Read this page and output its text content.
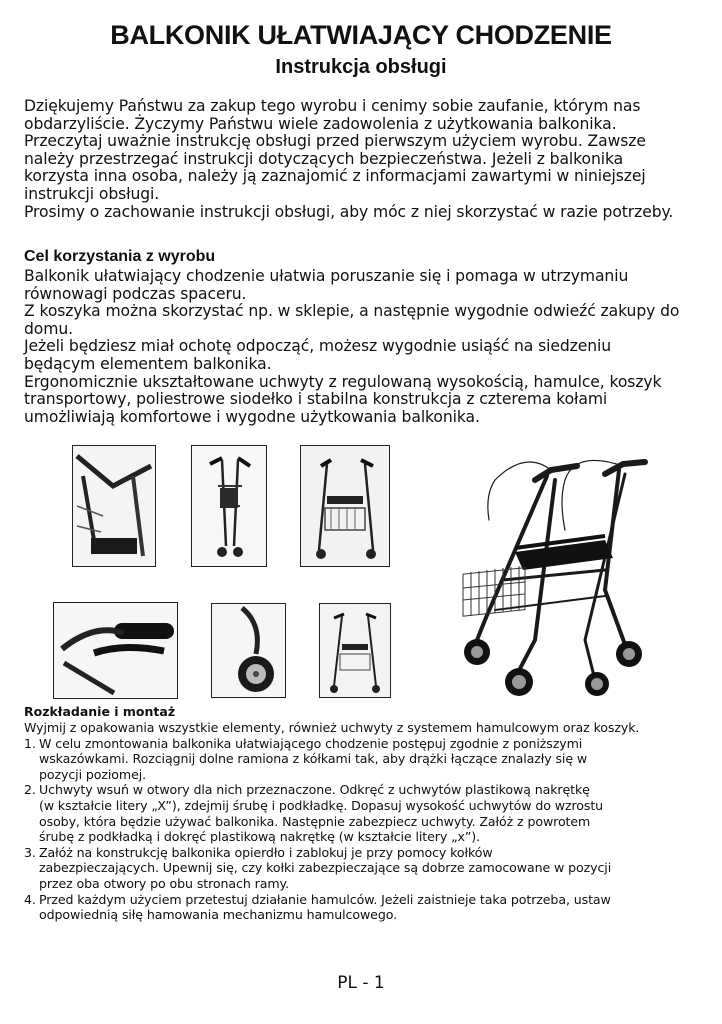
BALKONIK UŁATWIAJĄCY CHODZENIE
Instrukcja obsługi

Dziękujemy Państwu za zakup tego wyrobu i cenimy sobie zaufanie, którym nas

obdarzyliście. Życzymy Państwu wiele zadowolenia z użytkowania balkonika.

Przeczytaj uważnie instrukcję obsługi przed pierwszym użyciem wyrobu. Zawsze

należy przestrzegać instrukcji dotyczących bezpieczeństwa. Jeżeli z balkonika

korzysta inna osoba, należy ją zaznajomić z informacjami zawartymi w niniejszej

instrukcji obsługi.

Prosimy o zachowanie instrukcji obsługi, aby móc z niej skorzystać w razie potrzeby.

Cel korzystania z wyrobu

Balkonik ułatwiający chodzenie ułatwia poruszanie się i pomaga w utrzymaniu

równowagi podczas spaceru.

Z koszyka można skorzystać np. w sklepie, a następnie wygodnie odwieźć zakupy do

domu.

Jeżeli będziesz miał ochotę odpocząć, możesz wygodnie usiąść na siedzeniu

będącym elementem balkonika.

Ergonomicznie ukształtowane uchwyty z regulowaną wysokością, hamulce, koszyk

transportowy, poliestrowe siodełko i stabilna konstrukcja z czterema kołami

umożliwiają komfortowe i wygodne użytkowania balkonika.

Rozkładanie i montaż

Wyjmij z opakowania wszystkie elementy, również uchwyty z systemem hamulcowym oraz koszyk.

1. W celu zmontowania balkonika ułatwiającego chodzenie postępuj zgodnie z poniższymi
wskazówkami. Rozciągnij dolne ramiona z kółkami tak, aby drążki łączące znalazły się w
pozycji poziomej.
2. Uchwyty wsuń w otwory dla nich przeznaczone. Odkręć z uchwytów plastikową nakrętkę
(w kształcie litery „X”), zdejmij śrubę i podkładkę. Dopasuj wysokość uchwytów do wzrostu
osoby, która będzie używać balkonika. Następnie zabezpiecz uchwyty. Załóż z powrotem
śrubę z podkładką i dokręć plastikową nakrętkę (w kształcie litery „x”).
3. Załóż na konstrukcję balkonika opierdło i zablokuj je przy pomocy kołków
zabezpieczających. Upewnij się, czy kołki zabezpieczające są dobrze zamocowane w pozycji
przez oba otwory po obu stronach ramy.
4. Przed każdym użyciem przetestuj działanie hamulców. Jeżeli zaistnieje taka potrzeba, ustaw
odpowiednią siłę hamowania mechanizmu hamulcowego.

PL - 1
